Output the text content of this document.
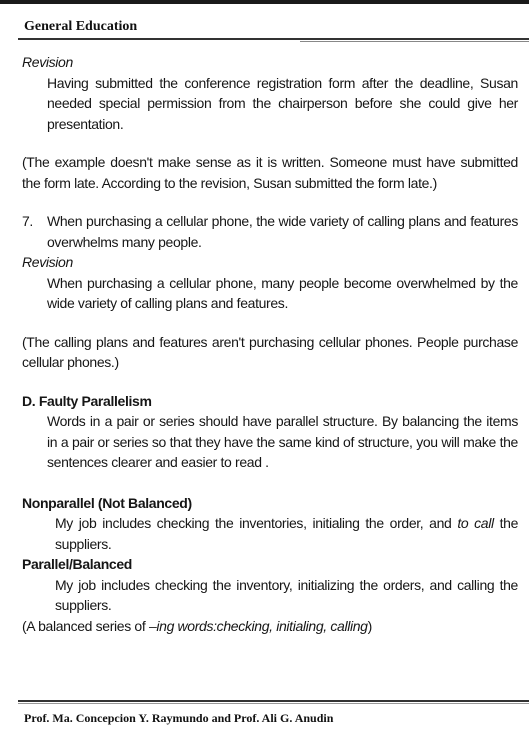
General Education

Revision

Having submitted the conference registration form after the deadline, Susan needed special permission from the chairperson before she could give her presentation.

(The example doesn't make sense as it is written. Someone must have submitted the form late. According to the revision, Susan submitted the form late.)

7.	When purchasing a cellular phone, the wide variety of calling plans and features overwhelms many people.

Revision

When purchasing a cellular phone, many people become overwhelmed by the wide variety of calling plans and features.

(The calling plans and features aren't purchasing cellular phones. People purchase cellular phones.)

D. Faulty Parallelism

Words in a pair or series should have parallel structure. By balancing the items in a pair or series so that they have the same kind of structure, you will make the sentences clearer and easier to read .

Nonparallel (Not Balanced)

My job includes checking the inventories, initialing the order, and to call the suppliers.

Parallel/Balanced

My job includes checking the inventory, initializing the orders, and calling the suppliers.

(A balanced series of –ing words:checking, initialing, calling)

Prof. Ma. Concepcion Y. Raymundo and Prof. Ali G. Anudin
